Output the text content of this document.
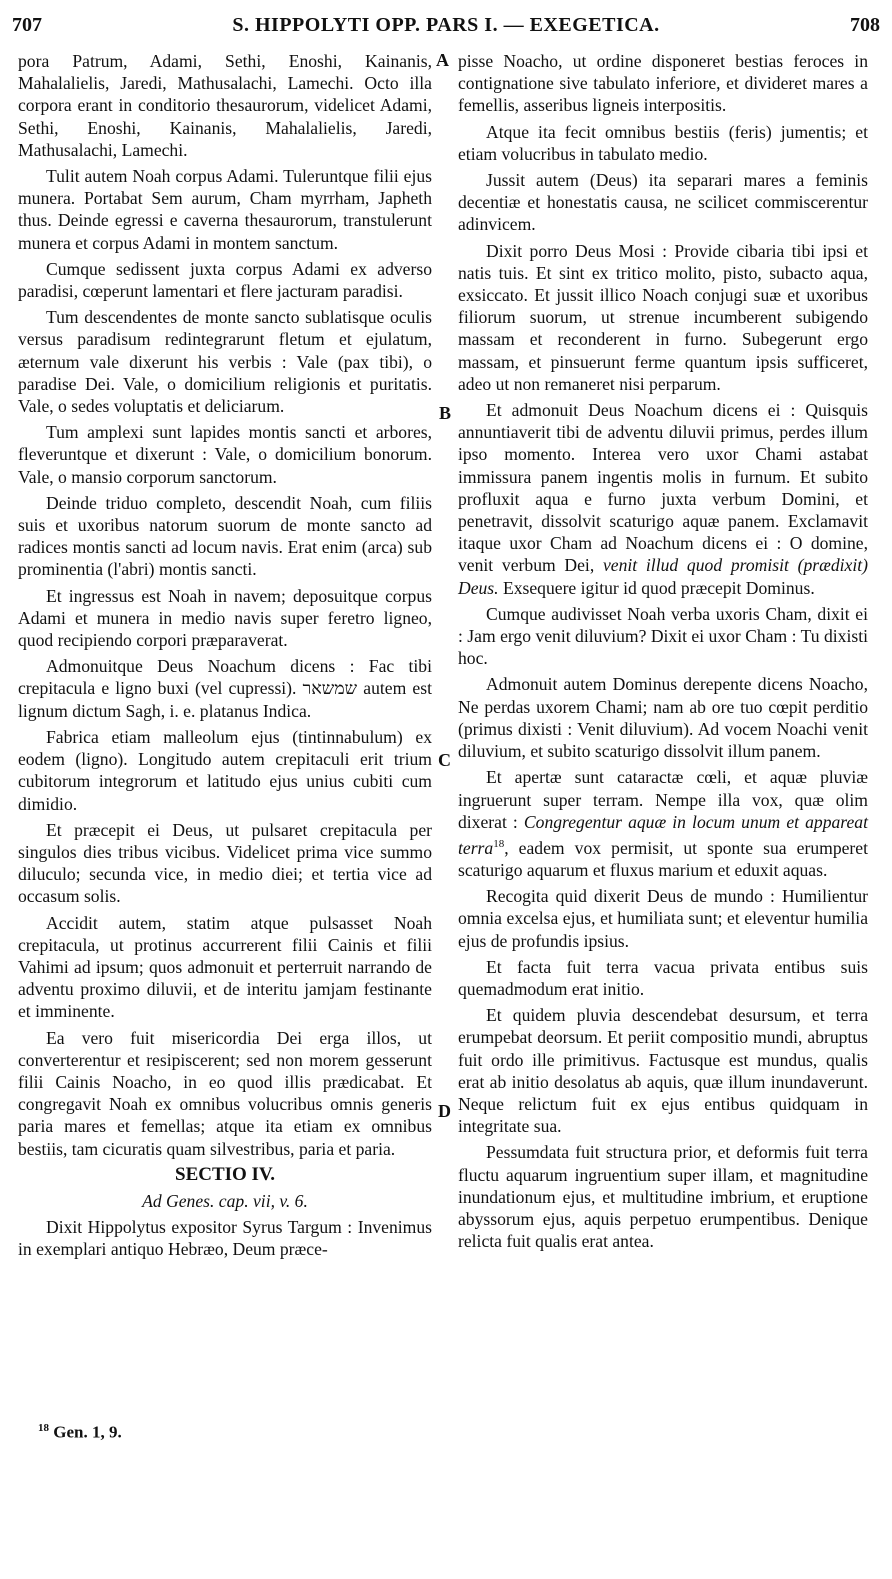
707	S. HIPPOLYTI OPP. PARS I. — EXEGETICA.	708
A
B
C
D

pora Patrum, Adami, Sethi, Enoshi, Kainanis, Mahalalielis, Jaredi, Mathusalachi, Lamechi. Octo illa corpora erant in conditorio thesaurorum, videlicet Adami, Sethi, Enoshi, Kainanis, Mahalalielis, Jaredi, Mathusalachi, Lamechi.

Tulit autem Noah corpus Adami. Tuleruntque filii ejus munera. Portabat Sem aurum, Cham myrrham, Japheth thus. Deinde egressi e caverna thesaurorum, transtulerunt munera et corpus Adami in montem sanctum.

Cumque sedissent juxta corpus Adami ex adverso paradisi, cœperunt lamentari et flere jacturam paradisi.

Tum descendentes de monte sancto sublatisque oculis versus paradisum redintegrarunt fletum et ejulatum, æternum vale dixerunt his verbis : Vale (pax tibi), o paradise Dei. Vale, o domicilium religionis et puritatis. Vale, o sedes voluptatis et deliciarum.

Tum amplexi sunt lapides montis sancti et arbores, fleveruntque et dixerunt : Vale, o domicilium bonorum. Vale, o mansio corporum sanctorum.

Deinde triduo completo, descendit Noah, cum filiis suis et uxoribus natorum suorum de monte sancto ad radices montis sancti ad locum navis. Erat enim (arca) sub prominentia (l'abri) montis sancti.

Et ingressus est Noah in navem; deposuitque corpus Adami et munera in medio navis super feretro ligneo, quod recipiendo corpori præparaverat.

Admonuitque Deus Noachum dicens : Fac tibi crepitacula e ligno buxi (vel cupressi). שמשאר autem est lignum dictum Sagh, i. e. platanus Indica.

Fabrica etiam malleolum ejus (tintinnabulum) ex eodem (ligno). Longitudo autem crepitaculi erit trium cubitorum integrorum et latitudo ejus unius cubiti cum dimidio.

Et præcepit ei Deus, ut pulsaret crepitacula per singulos dies tribus vicibus. Videlicet prima vice summo diluculo; secunda vice, in medio diei; et tertia vice ad occasum solis.

Accidit autem, statim atque pulsasset Noah crepitacula, ut protinus accurrerent filii Cainis et filii Vahimi ad ipsum; quos admonuit et perterruit narrando de adventu proximo diluvii, et de interitu jamjam festinante et imminente.

Ea vero fuit misericordia Dei erga illos, ut converterentur et resipiscerent; sed non morem gesserunt filii Cainis Noacho, in eo quod illis prædicabat. Et congregavit Noah ex omnibus volucribus omnis generis paria mares et femellas; atque ita etiam ex omnibus bestiis, tam cicuratis quam silvestribus, paria et paria.

SECTIO IV.

Ad Genes. cap. vii, v. 6.

Dixit Hippolytus expositor Syrus Targum : Invenimus in exemplari antiquo Hebræo, Deum præce-

pisse Noacho, ut ordine disponeret bestias feroces in contignatione sive tabulato inferiore, et divideret mares a femellis, asseribus ligneis interpositis.

Atque ita fecit omnibus bestiis (feris) jumentis; et etiam volucribus in tabulato medio.

Jussit autem (Deus) ita separari mares a feminis decentiæ et honestatis causa, ne scilicet commiscerentur adinvicem.

Dixit porro Deus Mosi : Provide cibaria tibi ipsi et natis tuis. Et sint ex tritico molito, pisto, subacto aqua, exsiccato. Et jussit illico Noach conjugi suæ et uxoribus filiorum suorum, ut strenue incumberent subigendo massam et reconderent in furno. Subegerunt ergo massam, et pinsuerunt ferme quantum ipsis sufficeret, adeo ut non remaneret nisi perparum.

Et admonuit Deus Noachum dicens ei : Quisquis annuntiaverit tibi de adventu diluvii primus, perdes illum ipso momento. Interea vero uxor Chami astabat immissura panem ingentis molis in furnum. Et subito profluxit aqua e furno juxta verbum Domini, et penetravit, dissolvit scaturigo aquæ panem. Exclamavit itaque uxor Cham ad Noachum dicens ei : O domine, venit verbum Dei, venit illud quod promisit (prædixit) Deus. Exsequere igitur id quod præcepit Dominus.

Cumque audivisset Noah verba uxoris Cham, dixit ei : Jam ergo venit diluvium? Dixit ei uxor Cham : Tu dixisti hoc.

Admonuit autem Dominus derepente dicens Noacho, Ne perdas uxorem Chami; nam ab ore tuo cœpit perditio (primus dixisti : Venit diluvium). Ad vocem Noachi venit diluvium, et subito scaturigo dissolvit illum panem.

Et apertæ sunt cataractæ cœli, et aquæ pluviæ ingruerunt super terram. Nempe illa vox, quæ olim dixerat : Congregentur aquæ in locum unum et appareat terra$^{18}$, eadem vox permisit, ut sponte sua erumperet scaturigo aquarum et fluxus marium et eduxit aquas.

Recogita quid dixerit Deus de mundo : Humilientur omnia excelsa ejus, et humiliata sunt; et eleventur humilia ejus de profundis ipsius.

Et facta fuit terra vacua privata entibus suis quemadmodum erat initio.

Et quidem pluvia descendebat desursum, et terra erumpebat deorsum. Et periit compositio mundi, abruptus fuit ordo ille primitivus. Factusque est mundus, qualis erat ab initio desolatus ab aquis, quæ illum inundaverunt. Neque relictum fuit ex ejus entibus quidquam in integritate sua.

Pessumdata fuit structura prior, et deformis fuit terra fluctu aquarum ingruentium super illam, et magnitudine inundationum ejus, et multitudine imbrium, et eruptione abyssorum ejus, aquis perpetuo erumpentibus. Denique relicta fuit qualis erat antea.

$^{18}$ Gen. 1, 9.
